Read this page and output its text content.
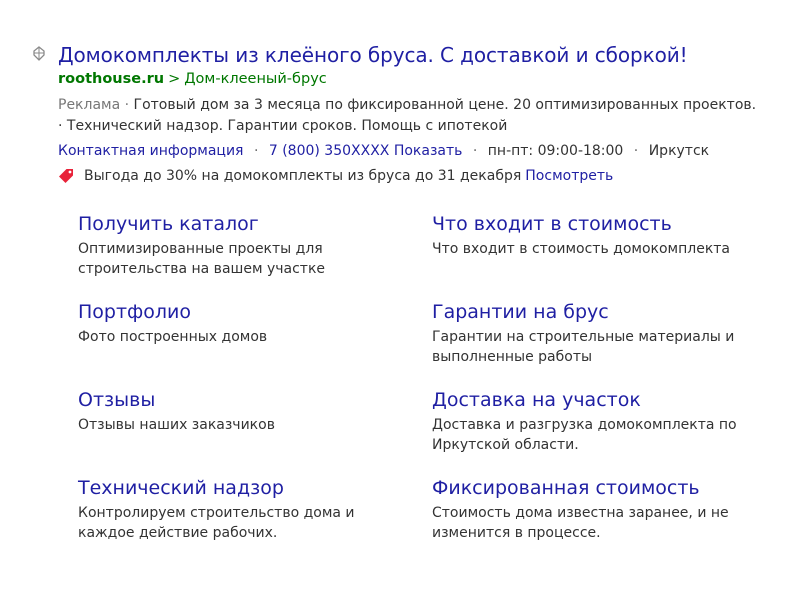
Домокомплекты из клеёного бруса. С доставкой и сборкой!
roothouse.ru > Дом-клееный-брус
Реклама · Готовый дом за 3 месяца по фиксированной цене. 20 оптимизированных проектов. · Технический надзор. Гарантии сроков. Помощь с ипотекой
Контактная информация · 7 (800) 350XXXX Показать · пн-пт: 09:00-18:00 · Иркутск
Выгода до 30% на домокомплекты из бруса до 31 декабря Посмотреть
Получить каталог
Оптимизированные проекты для строительства на вашем участке
Что входит в стоимость
Что входит в стоимость домокомплекта
Портфолио
Фото построенных домов
Гарантии на брус
Гарантии на строительные материалы и выполненные работы
Отзывы
Отзывы наших заказчиков
Доставка на участок
Доставка и разгрузка домокомплекта по Иркутской области.
Технический надзор
Контролируем строительство дома и каждое действие рабочих.
Фиксированная стоимость
Стоимость дома известна заранее, и не изменится в процессе.
